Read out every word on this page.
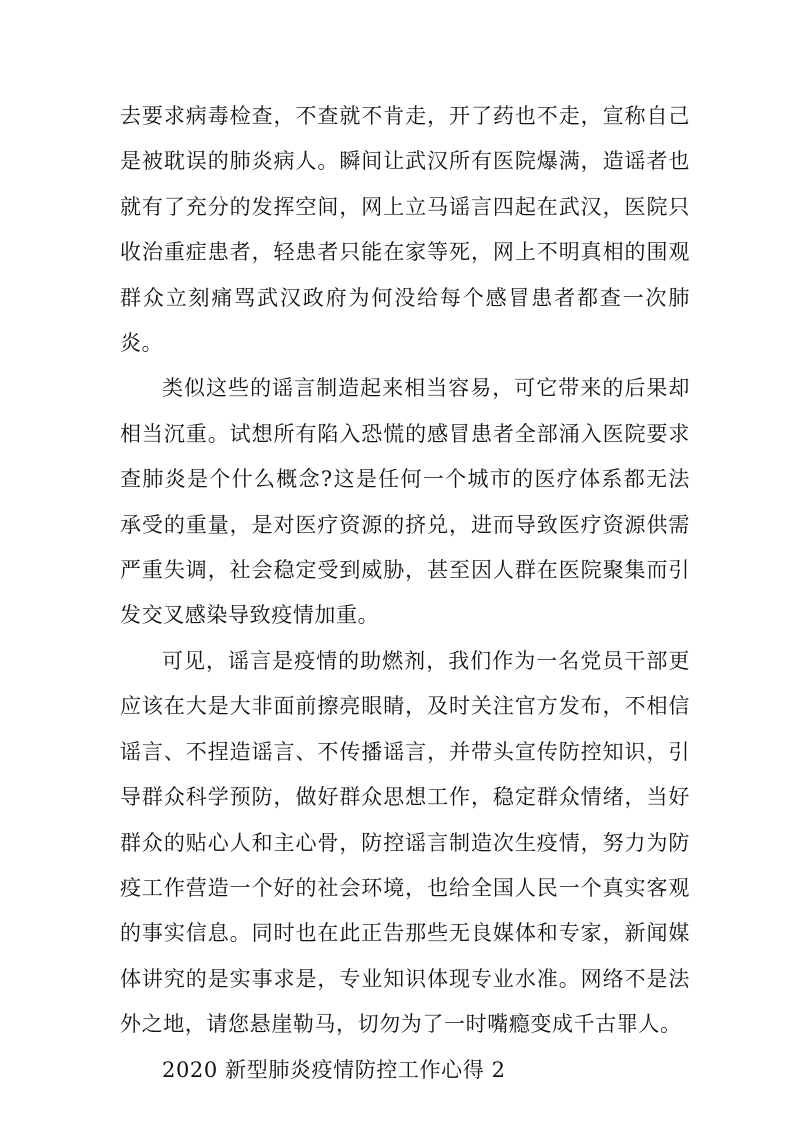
去要求病毒检查，不查就不肯走，开了药也不走，宣称自己是被耽误的肺炎病人。瞬间让武汉所有医院爆满，造谣者也就有了充分的发挥空间，网上立马谣言四起在武汉，医院只收治重症患者，轻患者只能在家等死，网上不明真相的围观群众立刻痛骂武汉政府为何没给每个感冒患者都查一次肺炎。

类似这些的谣言制造起来相当容易，可它带来的后果却相当沉重。试想所有陷入恐慌的感冒患者全部涌入医院要求查肺炎是个什么概念?这是任何一个城市的医疗体系都无法承受的重量，是对医疗资源的挤兑，进而导致医疗资源供需严重失调，社会稳定受到威胁，甚至因人群在医院聚集而引发交叉感染导致疫情加重。

可见，谣言是疫情的助燃剂，我们作为一名党员干部更应该在大是大非面前擦亮眼睛，及时关注官方发布，不相信谣言、不捏造谣言、不传播谣言，并带头宣传防控知识，引导群众科学预防，做好群众思想工作，稳定群众情绪，当好群众的贴心人和主心骨，防控谣言制造次生疫情，努力为防疫工作营造一个好的社会环境，也给全国人民一个真实客观的事实信息。同时也在此正告那些无良媒体和专家，新闻媒体讲究的是实事求是，专业知识体现专业水准。网络不是法外之地，请您悬崖勒马，切勿为了一时嘴瘾变成千古罪人。

2020 新型肺炎疫情防控工作心得 2
